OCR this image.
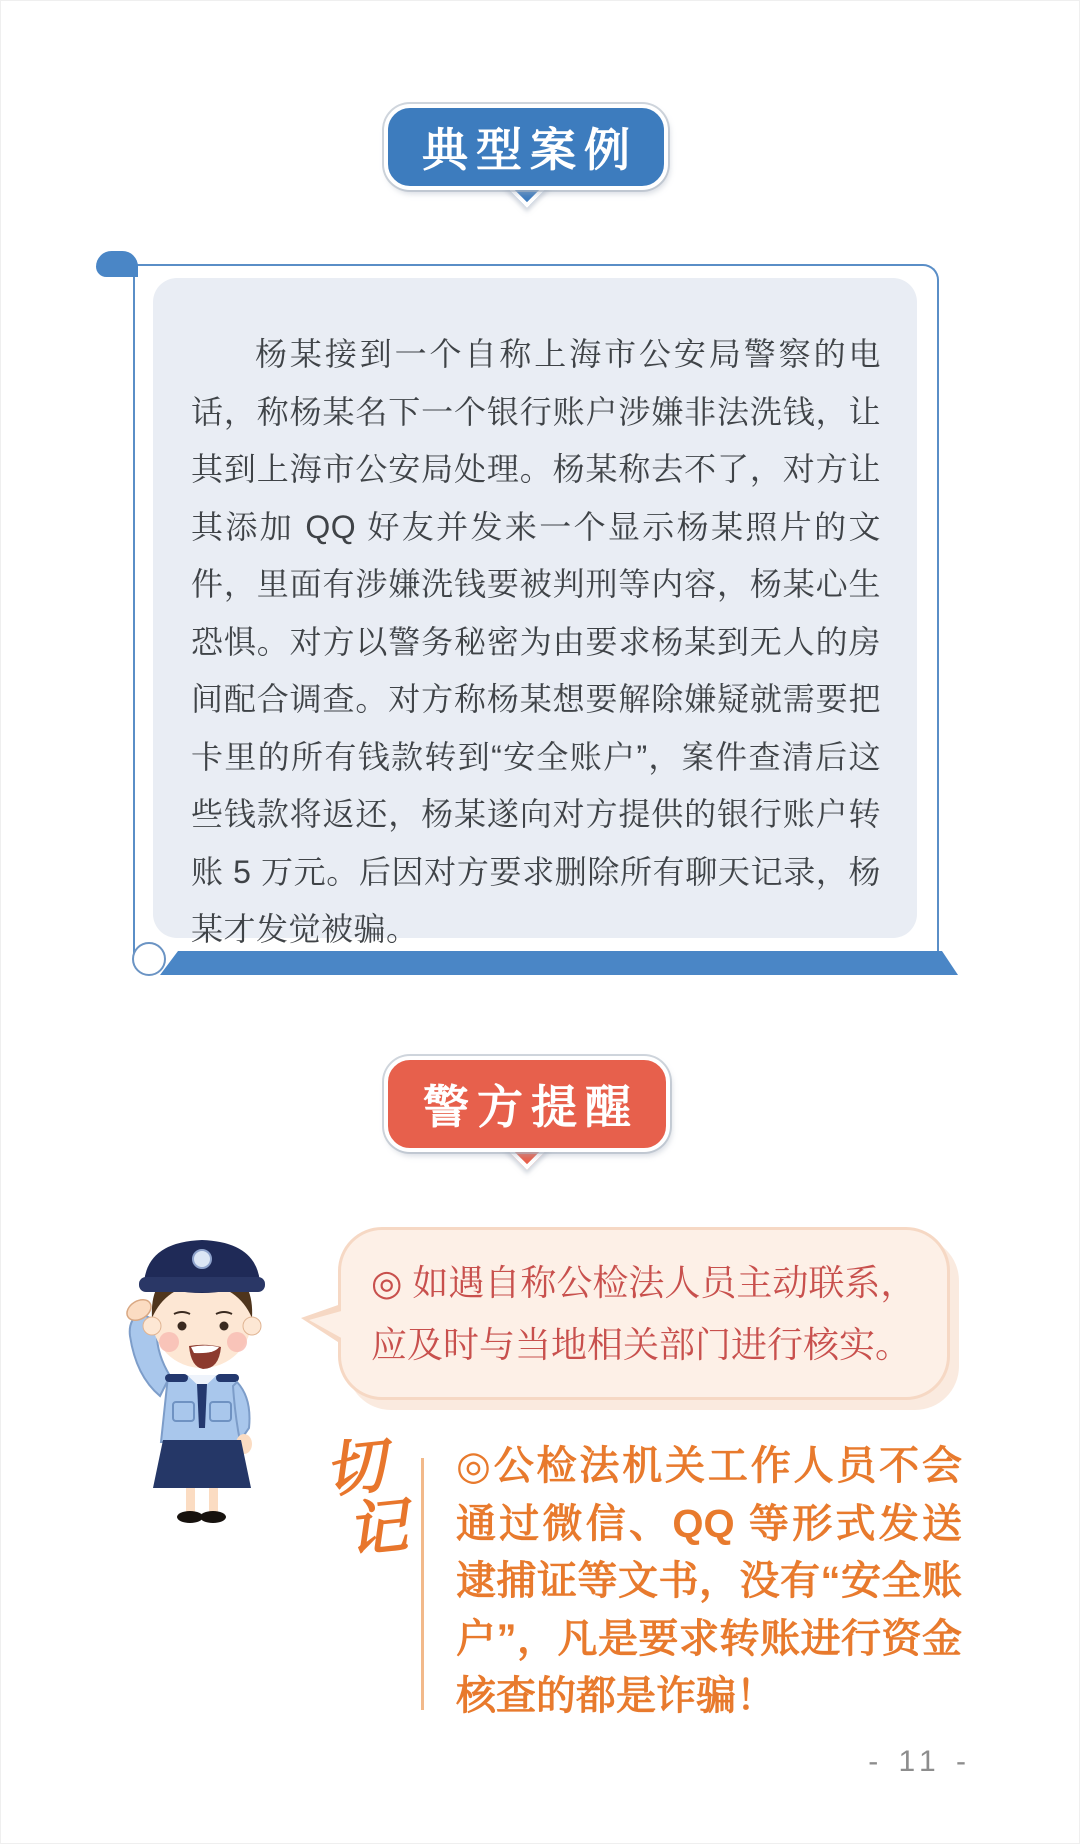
典型案例

杨某接到一个自称上海市公安局警察的电话，称杨某名下一个银行账户涉嫌非法洗钱，让其到上海市公安局处理。杨某称去不了，对方让其添加 QQ 好友并发来一个显示杨某照片的文件，里面有涉嫌洗钱要被判刑等内容，杨某心生恐惧。对方以警务秘密为由要求杨某到无人的房间配合调查。对方称杨某想要解除嫌疑就需要把卡里的所有钱款转到“安全账户”，案件查清后这些钱款将返还，杨某遂向对方提供的银行账户转账 5 万元。后因对方要求删除所有聊天记录，杨某才发觉被骗。

警方提醒

◎ 如遇自称公检法人员主动联系，应及时与当地相关部门进行核实。

切
记

◎公检法机关工作人员不会通过微信、QQ 等形式发送逮捕证等文书，没有“安全账户”，凡是要求转账进行资金核查的都是诈骗！

- 11 -
